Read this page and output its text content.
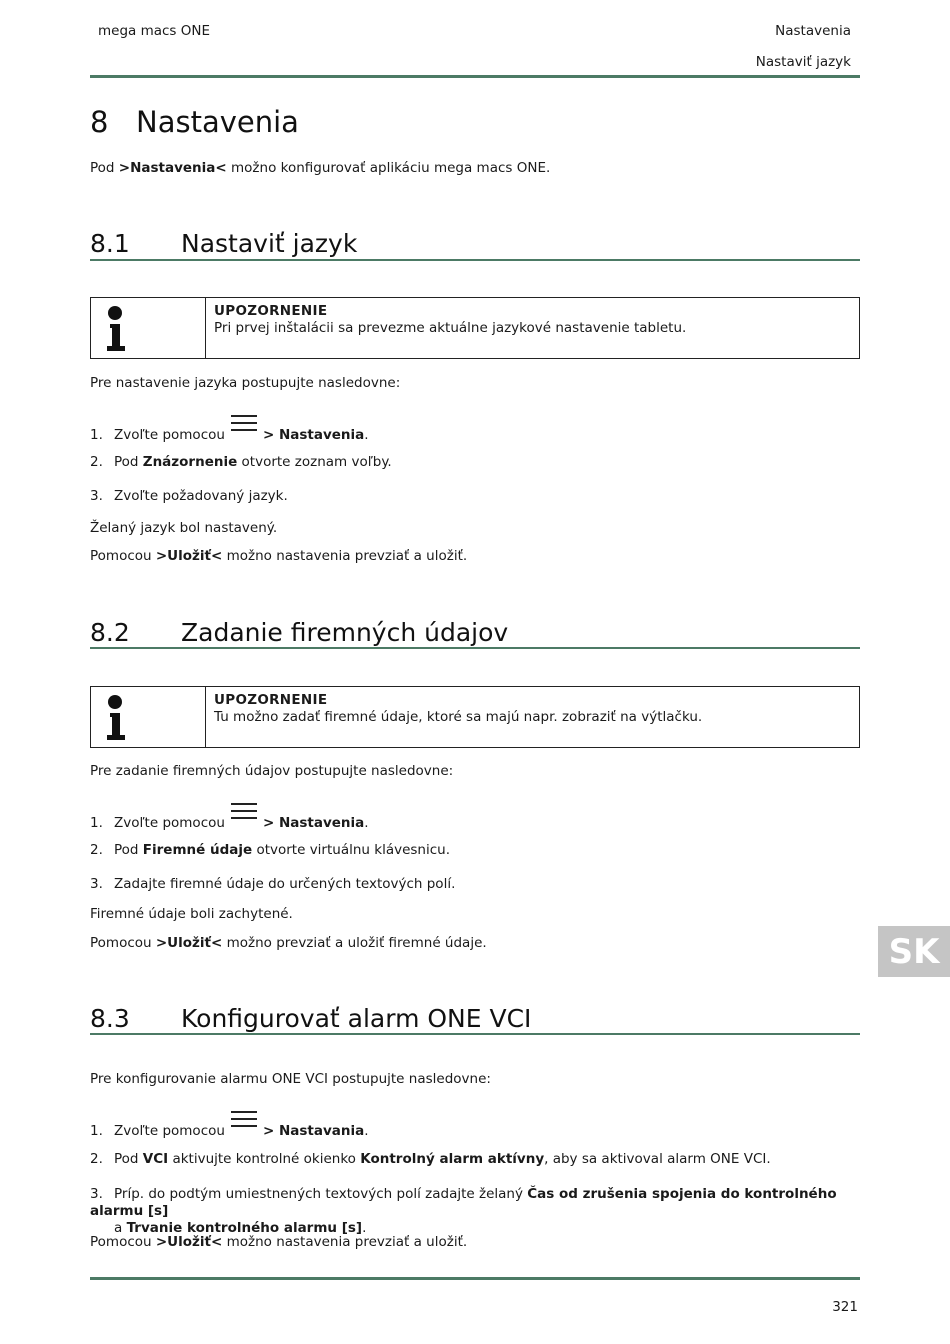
mega macs ONE	Nastavenia
Nastaviť jazyk
8 Nastavenia

Pod >Nastavenia< možno konfigurovať aplikáciu mega macs ONE.

8.1 Nastaviť jazyk
UPOZORNENIE
Pri prvej inštalácii sa prevezme aktuálne jazykové nastavenie tabletu.

Pre nastavenie jazyka postupujte nasledovne:

1. Zvoľte pomocou	> Nastavenia.

2. Pod Znázornenie otvorte zoznam voľby.

3. Zvoľte požadovaný jazyk.

Želaný jazyk bol nastavený.

Pomocou >Uložiť< možno nastavenia prevziať a uložiť.

8.2 Zadanie firemných údajov
UPOZORNENIE
Tu možno zadať firemné údaje, ktoré sa majú napr. zobraziť na výtlačku.

Pre zadanie firemných údajov postupujte nasledovne:

1. Zvoľte pomocou	> Nastavenia.

2. Pod Firemné údaje otvorte virtuálnu klávesnicu.

3. Zadajte firemné údaje do určených textových polí.

Firemné údaje boli zachytené.

Pomocou >Uložiť< možno prevziať a uložiť firemné údaje.	SK
8.3 Konfigurovať alarm ONE VCI

Pre konfigurovanie alarmu ONE VCI postupujte nasledovne:

1. Zvoľte pomocou	> Nastavania.

2. Pod VCI aktivujte kontrolné okienko Kontrolný alarm aktívny, aby sa aktivoval alarm ONE VCI.

3. Príp. do podtým umiestnených textových polí zadajte želaný Čas od zrušenia spojenia do kontrolného alarmu [s]
a Trvanie kontrolného alarmu [s].

Pomocou >Uložiť< možno nastavenia prevziať a uložiť.

321
